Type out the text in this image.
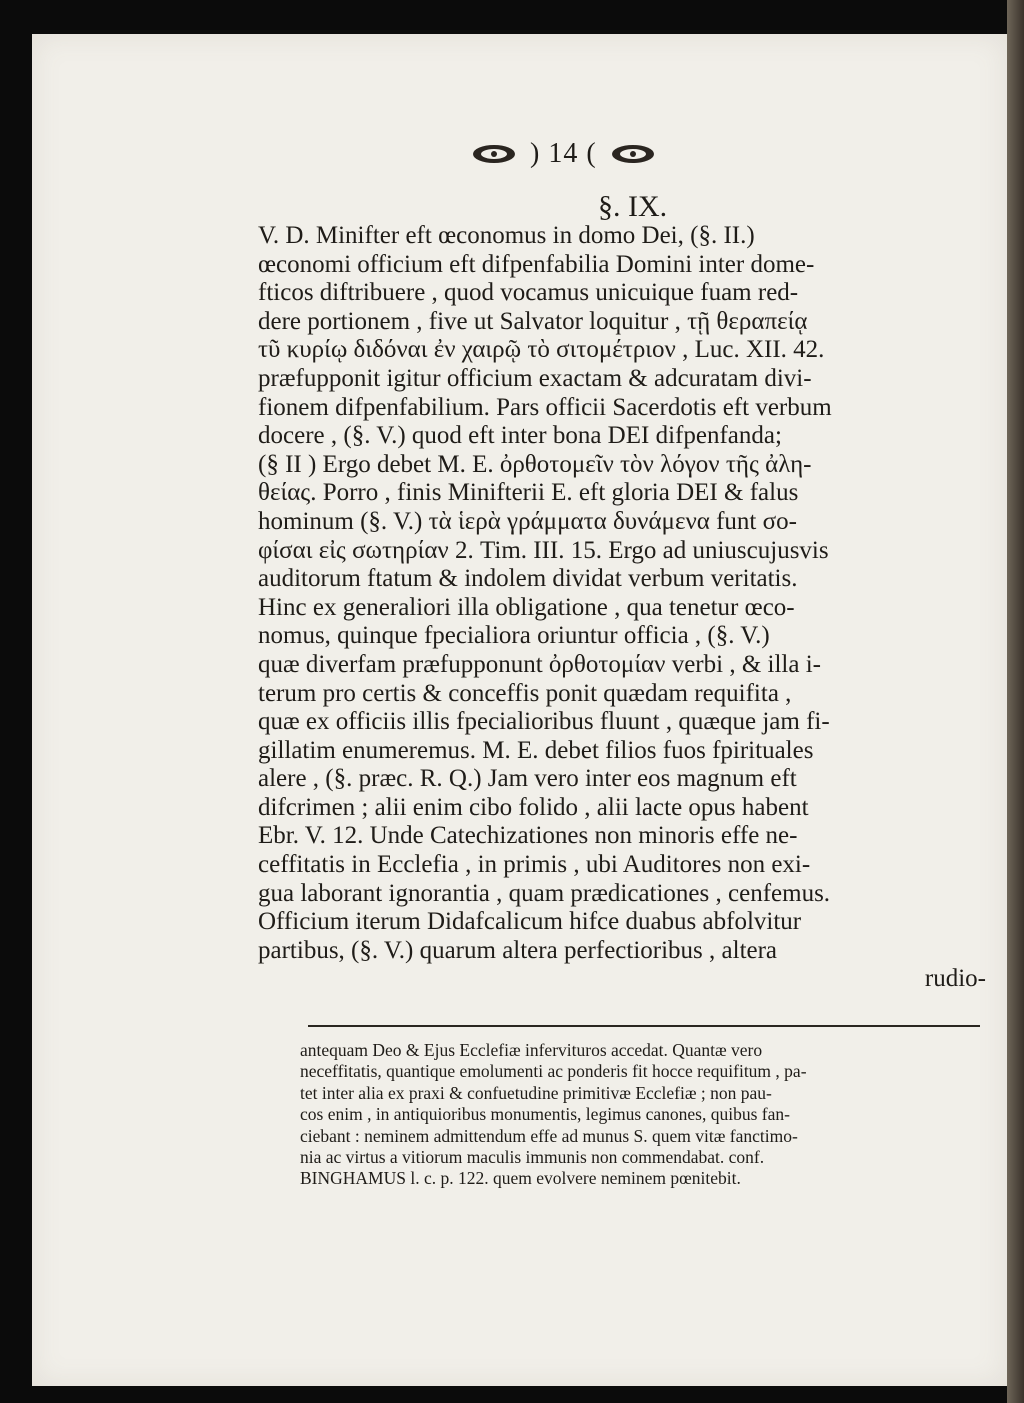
) 14 (
§. IX.
V. D. Minifter eft œconomus in domo Dei, (§. II.)
œconomi officium eft difpenfabilia Domini inter dome-
fticos diftribuere , quod vocamus unicuique fuam red-
dere portionem , five ut Salvator loquitur , τῇ θεραπείᾳ
τῦ κυρίῳ διδόναι ἐν χαιρῷ τὸ σιτομέτριον , Luc. XII. 42.
præfupponit igitur officium exactam & adcuratam divi-
fionem difpenfabilium. Pars officii Sacerdotis eft verbum
docere , (§. V.) quod eft inter bona DEI difpenfanda;
(§ II ) Ergo debet M. E. ὀρθοτομεῖν τὸν λόγον τῆς ἀλη-
θείας. Porro , finis Minifterii E. eft gloria DEI & falus
hominum (§. V.) τὰ ἱερὰ γράμματα δυνάμενα funt σο-
φίσαι εἰς σωτηρίαν 2. Tim. III. 15. Ergo ad uniuscujusvis
auditorum ftatum & indolem dividat verbum veritatis.
Hinc ex generaliori illa obligatione , qua tenetur œco-
nomus, quinque fpecialiora oriuntur officia , (§. V.)
quæ diverfam præfupponunt ὀρθοτομίαν verbi , & illa i-
terum pro certis & conceffis ponit quædam requifita ,
quæ ex officiis illis fpecialioribus fluunt , quæque jam fi-
gillatim enumeremus. M. E. debet filios fuos fpirituales
alere , (§. præc. R. Q.) Jam vero inter eos magnum eft
difcrimen ; alii enim cibo folido , alii lacte opus habent
Ebr. V. 12. Unde Catechizationes non minoris effe ne-
ceffitatis in Ecclefia , in primis , ubi Auditores non exi-
gua laborant ignorantia , quam prædicationes , cenfemus.
Officium iterum Didafcalicum hifce duabus abfolvitur
partibus, (§. V.) quarum altera perfectioribus , altera
rudio-
antequam Deo & Ejus Ecclefiæ infervituros accedat. Quantæ vero
neceffitatis, quantique emolumenti ac ponderis fit hocce requifitum , pa-
tet inter alia ex praxi & confuetudine primitivæ Ecclefiæ ; non pau-
cos enim , in antiquioribus monumentis, legimus canones, quibus fan-
ciebant : neminem admittendum effe ad munus S. quem vitæ fanctimo-
nia ac virtus a vitiorum maculis immunis non commendabat. conf.
BINGHAMUS l. c. p. 122. quem evolvere neminem pœnitebit.
